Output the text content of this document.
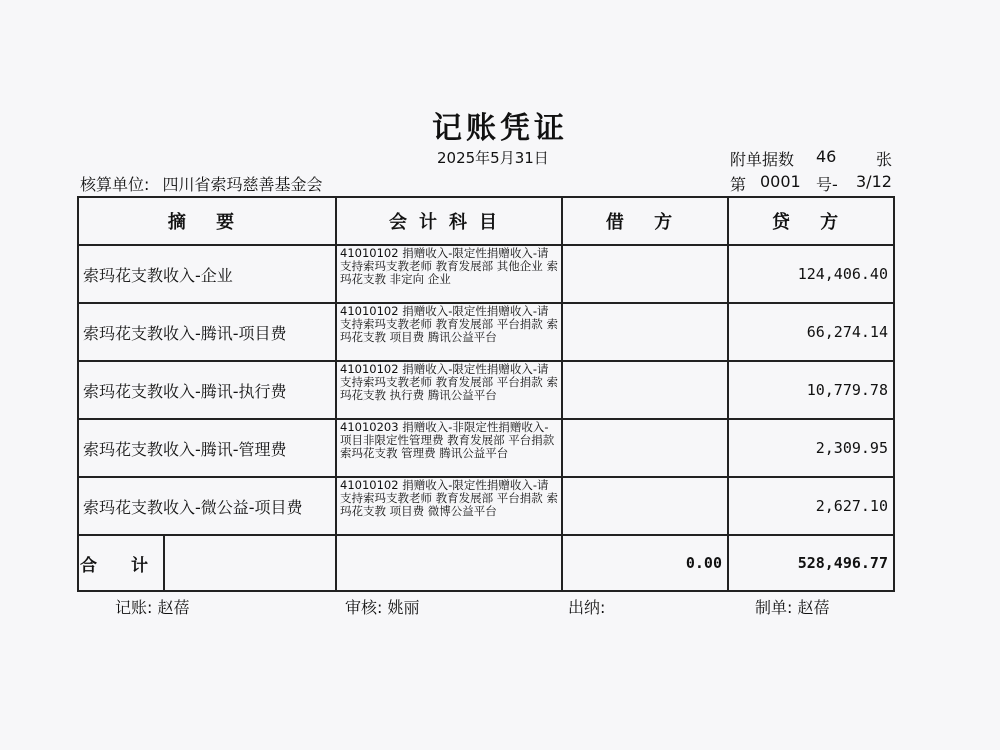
记账凭证
2025年5月31日	附单据数	46	张
核算单位: 四川省索玛慈善基金会	第 0001 号-	3/12
摘 要	会计科目	借 方	贷 方
索玛花支教收入-企业	41010102 捐赠收入-限定性捐赠收入-请支持索玛支教老师 教育发展部 其他企业 索玛花支教 非定向 企业		124,406.40
索玛花支教收入-腾讯-项目费	41010102 捐赠收入-限定性捐赠收入-请支持索玛支教老师 教育发展部 平台捐款 索玛花支教 项目费 腾讯公益平台		66,274.14
索玛花支教收入-腾讯-执行费	41010102 捐赠收入-限定性捐赠收入-请支持索玛支教老师 教育发展部 平台捐款 索玛花支教 执行费 腾讯公益平台		10,779.78
索玛花支教收入-腾讯-管理费	41010203 捐赠收入-非限定性捐赠收入-项目非限定性管理费 教育发展部 平台捐款 索玛花支教 管理费 腾讯公益平台		2,309.95
索玛花支教收入-微公益-项目费	41010102 捐赠收入-限定性捐赠收入-请支持索玛支教老师 教育发展部 平台捐款 索玛花支教 项目费 微博公益平台		2,627.10

合 计		0.00	528,496.77
记账: 赵蓓	审核: 姚丽	出纳:	制单: 赵蓓
